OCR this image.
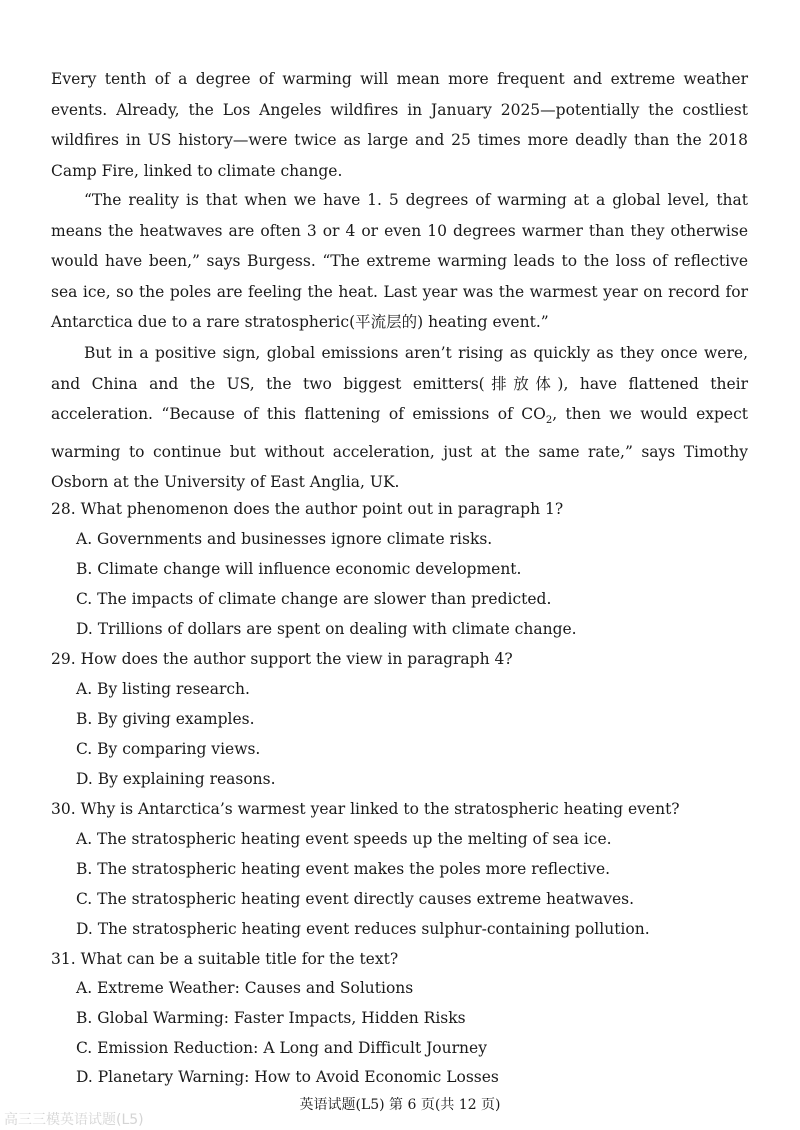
Every tenth of a degree of warming will mean more frequent and extreme weather events. Already, the Los Angeles wildfires in January 2025—potentially the costliest wildfires in US history—were twice as large and 25 times more deadly than the 2018 Camp Fire, linked to climate change.

“The reality is that when we have 1. 5 degrees of warming at a global level, that means the heatwaves are often 3 or 4 or even 10 degrees warmer than they otherwise would have been,” says Burgess. “The extreme warming leads to the loss of reflective sea ice, so the poles are feeling the heat. Last year was the warmest year on record for Antarctica due to a rare stratospheric(平流层的) heating event.”

But in a positive sign, global emissions aren’t rising as quickly as they once were, and China and the US, the two biggest emitters(排放体), have flattened their acceleration. “Because of this flattening of emissions of $CO_2$, then we would expect warming to continue but without acceleration, just at the same rate,” says Timothy Osborn at the University of East Anglia, UK.

28. What phenomenon does the author point out in paragraph 1?

A. Governments and businesses ignore climate risks.

B. Climate change will influence economic development.

C. The impacts of climate change are slower than predicted.

D. Trillions of dollars are spent on dealing with climate change.

29. How does the author support the view in paragraph 4?

A. By listing research.

B. By giving examples.

C. By comparing views.

D. By explaining reasons.

30. Why is Antarctica’s warmest year linked to the stratospheric heating event?

A. The stratospheric heating event speeds up the melting of sea ice.

B. The stratospheric heating event makes the poles more reflective.

C. The stratospheric heating event directly causes extreme heatwaves.

D. The stratospheric heating event reduces sulphur-containing pollution.

31. What can be a suitable title for the text?

A. Extreme Weather: Causes and Solutions

B. Global Warming: Faster Impacts, Hidden Risks

C. Emission Reduction: A Long and Difficult Journey

D. Planetary Warning: How to Avoid Economic Losses

英语试题(L5) 第 6 页(共 12 页)
高三三模英语试题(L5)
